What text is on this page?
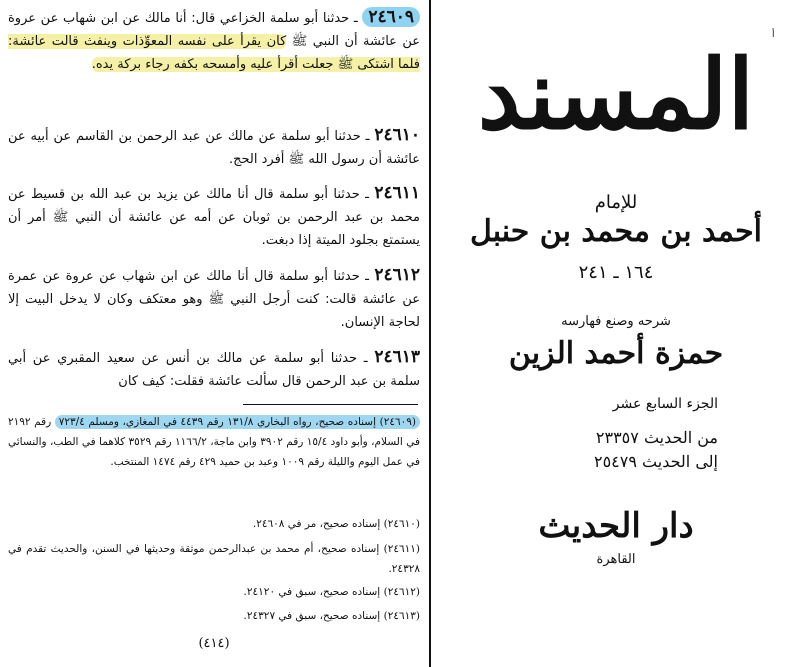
٢٤٦٠٩ ـ حدثنا أبو سلمة الخزاعي قال: أنا مالك عن ابن شهاب عن عروة عن عائشة أن النبي ﷺ كان يقرأ على نفسه المعوِّذات وينفث قالت عائشة: فلما اشتكى ﷺ جعلت أقرأ عليه وأمسحه بكفه رجاء بركة يده.
٢٤٦١٠ ـ حدثنا أبو سلمة عن مالك عن عبد الرحمن بن القاسم عن أبيه عن عائشة أن رسول الله ﷺ أفرد الحج.
٢٤٦١١ ـ حدثنا أبو سلمة قال أنا مالك عن يزيد بن عبد الله بن قسيط عن محمد بن عبد الرحمن بن ثوبان عن أمه عن عائشة أن النبي ﷺ أمر أن يستمتع بجلود الميتة إذا دبغت.
٢٤٦١٢ ـ حدثنا أبو سلمة قال أنا مالك عن ابن شهاب عن عروة عن عمرة عن عائشة قالت: كنت أرجل النبي ﷺ وهو معتكف وكان لا يدخل البيت إلا لحاجة الإنسان.
٢٤٦١٣ ـ حدثنا أبو سلمة عن مالك بن أنس عن سعيد المقبري عن أبي سلمة بن عبد الرحمن قال سألت عائشة فقلت: كيف كان
(٢٤٦٠٩) إسناده صحيح، رواه البخاري ١٣١/٨ رقم ٤٤٣٩ في المغازي، ومسلم ٧٢٣/٤ رقم ٢١٩٢ في السلام، وأبو داود ١٥/٤ رقم ٣٩٠٢ وابن ماجة، ١١٦٦/٢ رقم ٣٥٢٩ كلاهما في الطب، والنسائي في عمل اليوم والليلة رقم ١٠٠٩ وعبد بن حميد ٤٢٩ رقم ١٤٧٤ المنتخب.
(٢٤٦١٠) إسناده صحيح، مر في ٢٤٦٠٨.
(٢٤٦١١) إسناده صحيح، أم محمد بن عبدالرحمن موثقة وحديثها في السنن، والحديث تقدم في ٢٤٣٢٨.
(٢٤٦١٢) إسناده صحيح، سبق في ٢٤١٢٠.
(٢٤٦١٣) إسناده صحيح، سبق في ٢٤٣٢٧.
(٤١٤)
أ
المسند
للإمام
أحمد بن محمد بن حنبل
١٦٤ ـ ٢٤١
شرحه وصنع فهارسه
حمزة أحمد الزين
الجزء السابع عشر
من الحديث ٢٣٣٥٧
إلى الحديث ٢٥٤٧٩
دار الحديث
القاهرة
